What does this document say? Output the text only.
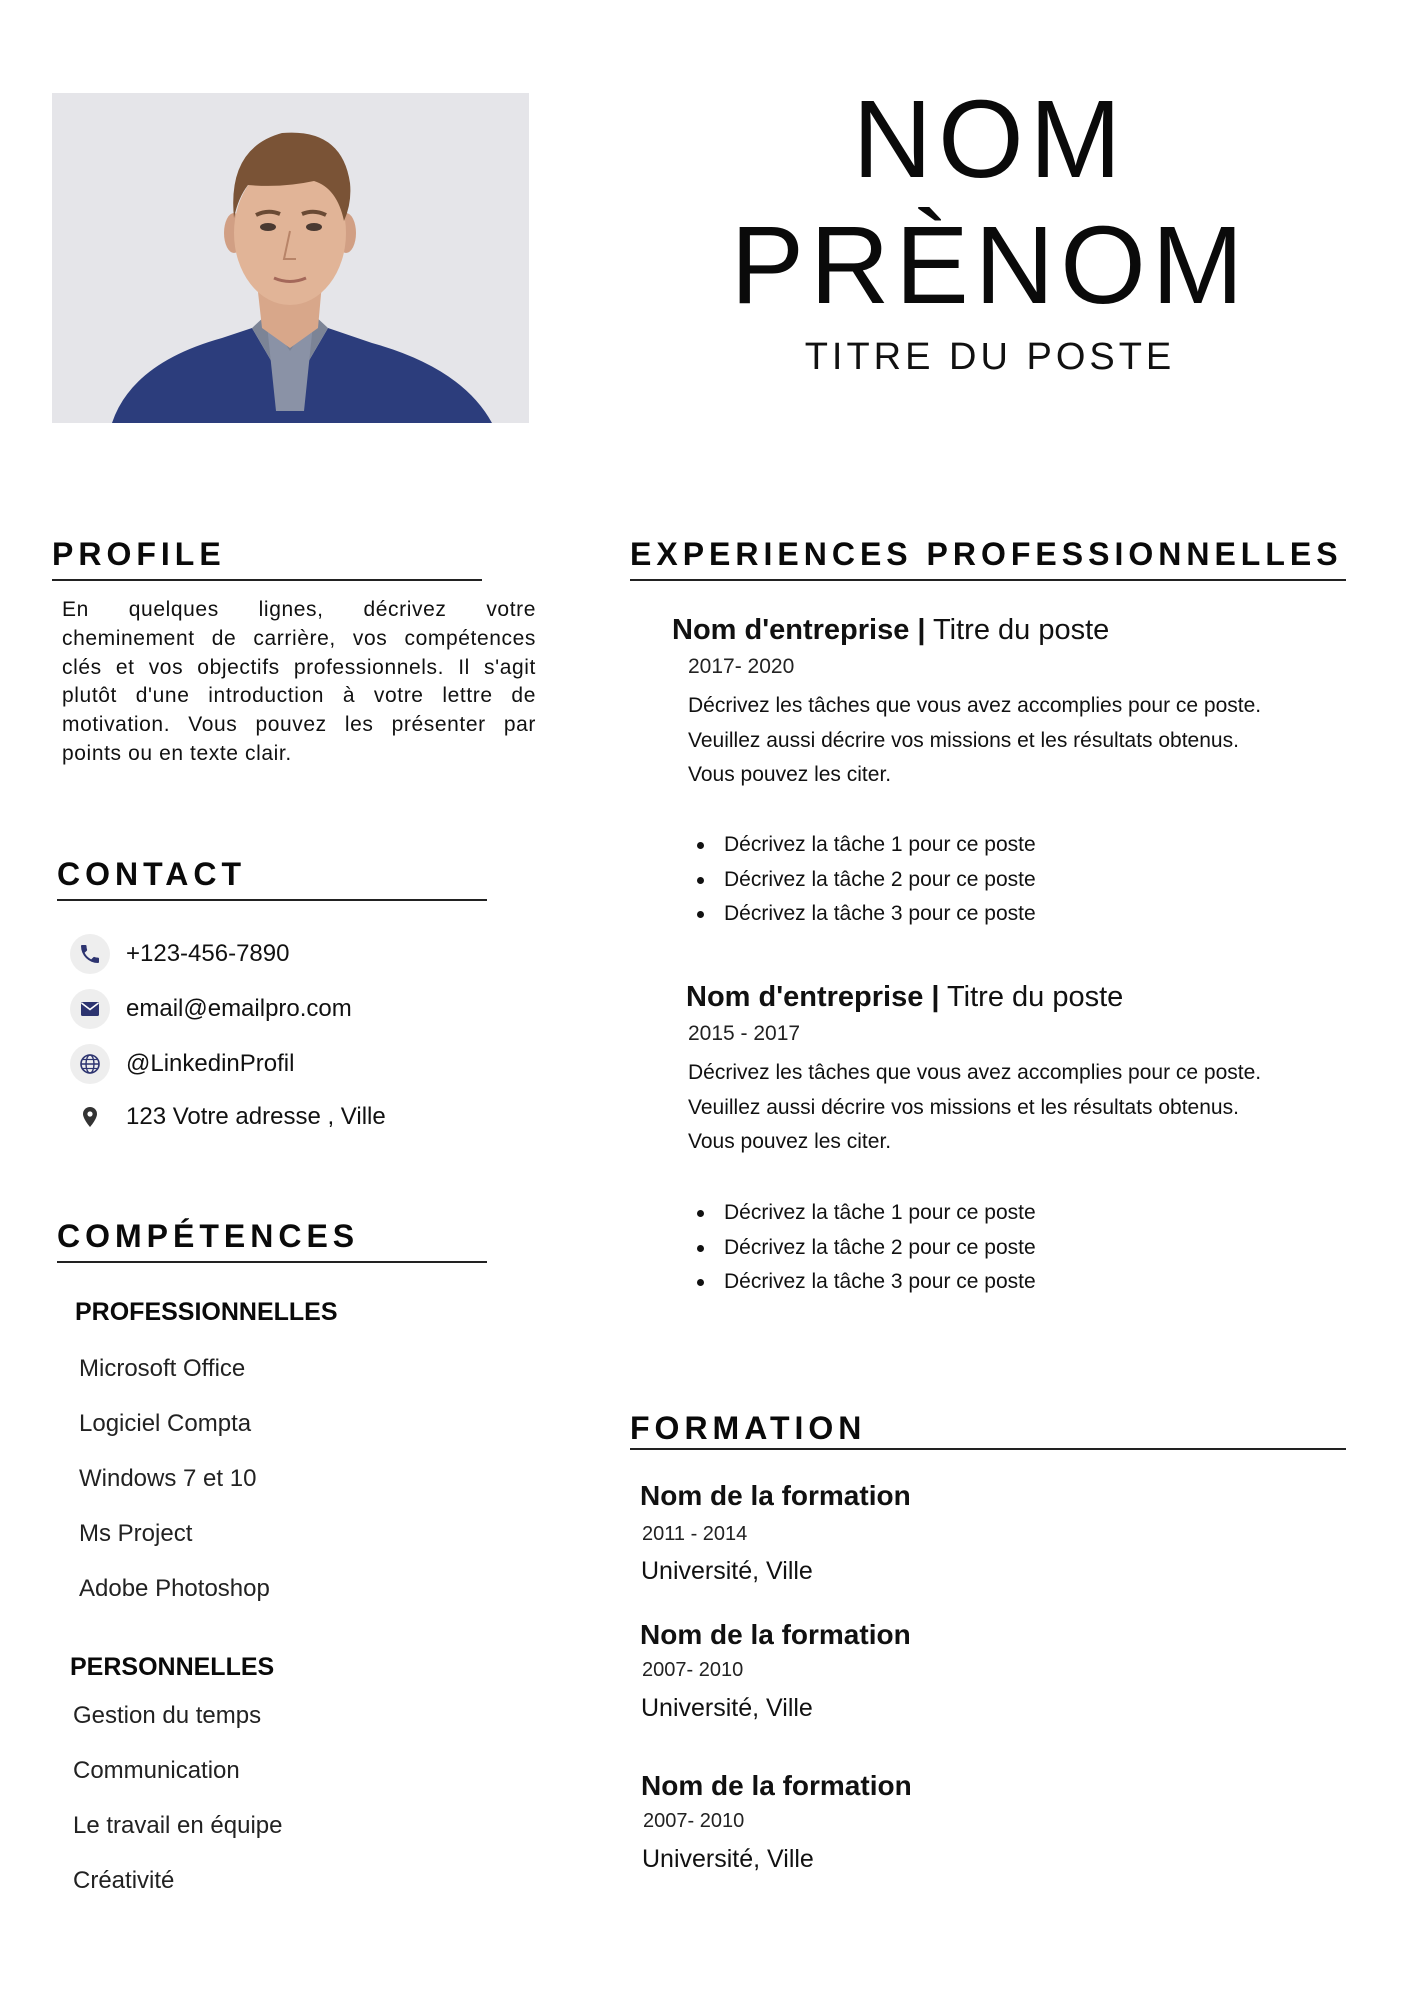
NOM
PRÈNOM
TITRE DU POSTE
PROFILE
En quelques lignes, décrivez votre cheminement de carrière, vos compétences clés et vos objectifs professionnels. Il s'agit plutôt d'une introduction à votre lettre de motivation. Vous pouvez les présenter par points ou en texte clair.
CONTACT
+123-456-7890
email@emailpro.com
@LinkedinProfil
123 Votre adresse , Ville
COMPÉTENCES
PROFESSIONNELLES
Microsoft Office
Logiciel Compta
Windows 7 et 10
Ms Project
Adobe Photoshop
PERSONNELLES
Gestion du temps
Communication
Le travail en équipe
Créativité
EXPERIENCES PROFESSIONNELLES
Nom d'entreprise | Titre du poste
2017- 2020
Décrivez les tâches que vous avez accomplies pour ce poste.
Veuillez aussi décrire vos missions et les résultats obtenus.
Vous pouvez les citer.
Décrivez la tâche 1 pour ce poste
Décrivez la tâche 2 pour ce poste
Décrivez la tâche 3 pour ce poste
Nom d'entreprise | Titre du poste
2015 - 2017
Décrivez les tâches que vous avez accomplies pour ce poste.
Veuillez aussi décrire vos missions et les résultats obtenus.
Vous pouvez les citer.
Décrivez la tâche 1 pour ce poste
Décrivez la tâche 2 pour ce poste
Décrivez la tâche 3 pour ce poste
FORMATION
Nom de la formation
2011 - 2014
Université, Ville
Nom de la formation
2007- 2010
Université, Ville
Nom de la formation
2007- 2010
Université, Ville
